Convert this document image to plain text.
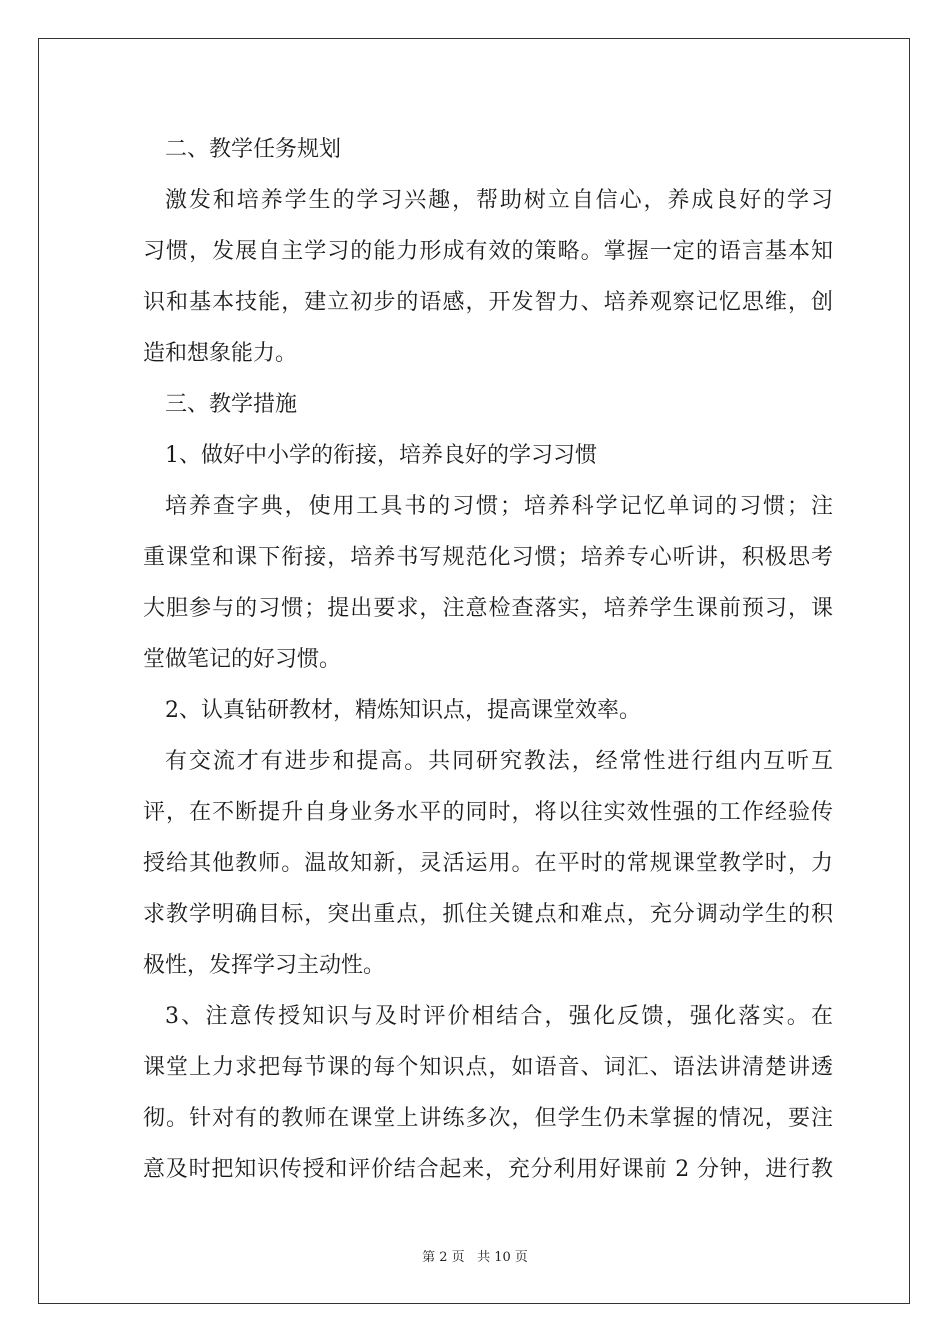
二、教学任务规划
激发和培养学生的学习兴趣，帮助树立自信心，养成良好的学习
习惯，发展自主学习的能力形成有效的策略。掌握一定的语言基本知
识和基本技能，建立初步的语感，开发智力、培养观察记忆思维，创
造和想象能力。
三、教学措施
1、做好中小学的衔接，培养良好的学习习惯
培养查字典，使用工具书的习惯；培养科学记忆单词的习惯；注
重课堂和课下衔接，培养书写规范化习惯；培养专心听讲，积极思考
大胆参与的习惯；提出要求，注意检查落实，培养学生课前预习，课
堂做笔记的好习惯。
2、认真钻研教材，精炼知识点，提高课堂效率。
有交流才有进步和提高。共同研究教法，经常性进行组内互听互
评，在不断提升自身业务水平的同时，将以往实效性强的工作经验传
授给其他教师。温故知新，灵活运用。在平时的常规课堂教学时，力
求教学明确目标，突出重点，抓住关键点和难点，充分调动学生的积
极性，发挥学习主动性。
3、注意传授知识与及时评价相结合，强化反馈，强化落实。在
课堂上力求把每节课的每个知识点，如语音、词汇、语法讲清楚讲透
彻。针对有的教师在课堂上讲练多次，但学生仍未掌握的情况，要注
意及时把知识传授和评价结合起来，充分利用好课前 2 分钟，进行教
第 2 页 共 10 页
